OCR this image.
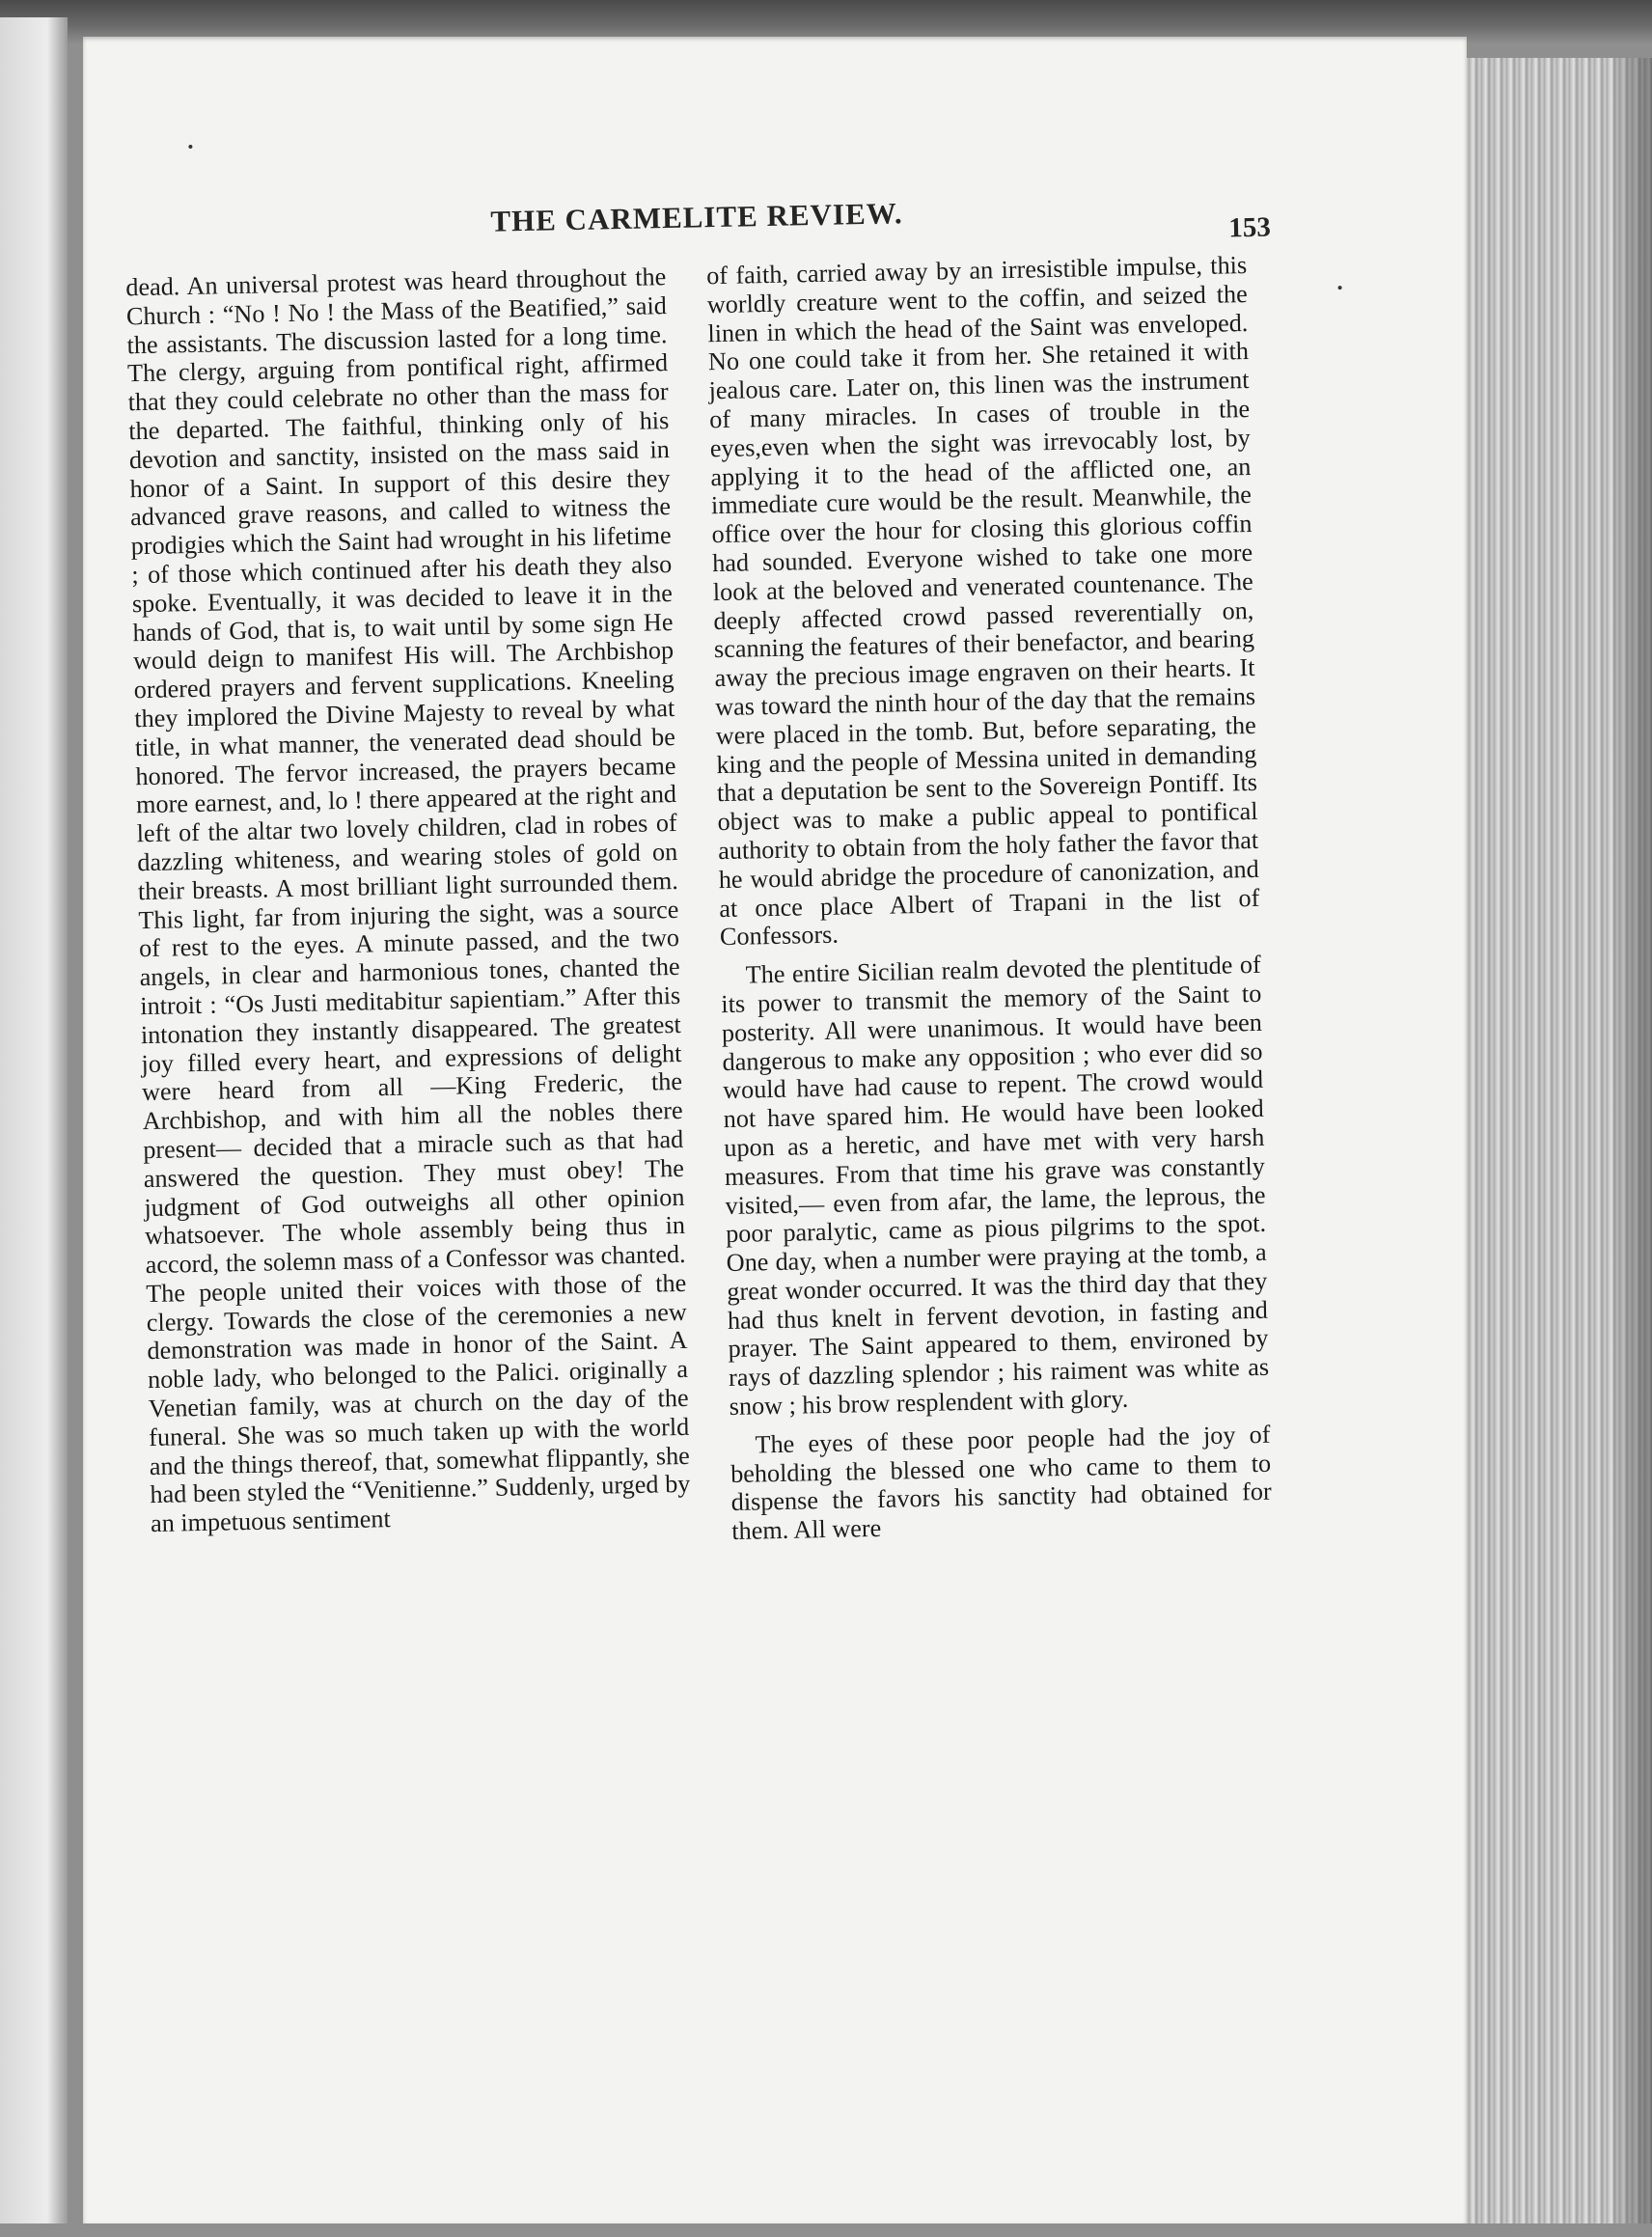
THE CARMELITE REVIEW.	153

dead. An universal protest was heard throughout the Church : “No ! No ! the Mass of the Beatified,” said the assistants. The discussion lasted for a long time. The clergy, arguing from pontifical right, affirmed that they could celebrate no other than the mass for the departed. The faithful, thinking only of his devotion and sanctity, insisted on the mass said in honor of a Saint. In support of this desire they advanced grave reasons, and called to witness the prodigies which the Saint had wrought in his lifetime ; of those which continued after his death they also spoke. Eventually, it was decided to leave it in the hands of God, that is, to wait until by some sign He would deign to manifest His will. The Archbishop ordered prayers and fervent supplications. Kneeling they implored the Divine Majesty to reveal by what title, in what manner, the venerated dead should be honored. The fervor increased, the prayers became more earnest, and, lo ! there appeared at the right and left of the altar two lovely children, clad in robes of dazzling whiteness, and wearing stoles of gold on their breasts. A most brilliant light surrounded them. This light, far from injuring the sight, was a source of rest to the eyes. A minute passed, and the two angels, in clear and harmonious tones, chanted the introit : “Os Justi meditabitur sapientiam.” After this intonation they instantly disappeared. The greatest joy filled every heart, and expressions of delight were heard from all —King Frederic, the Archbishop, and with him all the nobles there present— decided that a miracle such as that had answered the question. They must obey! The judgment of God outweighs all other opinion whatsoever. The whole assembly being thus in accord, the solemn mass of a Confessor was chanted. The people united their voices with those of the clergy. Towards the close of the ceremonies a new demonstration was made in honor of the Saint. A noble lady, who belonged to the Palici. originally a Venetian family, was at church on the day of the funeral. She was so much taken up with the world and the things thereof, that, somewhat flippantly, she had been styled the “Venitienne.” Suddenly, urged by an impetuous sentiment

of faith, carried away by an irresistible impulse, this worldly creature went to the coffin, and seized the linen in which the head of the Saint was enveloped. No one could take it from her. She retained it with jealous care. Later on, this linen was the instrument of many miracles. In cases of trouble in the eyes,even when the sight was irrevocably lost, by applying it to the head of the afflicted one, an immediate cure would be the result. Meanwhile, the office over the hour for closing this glorious coffin had sounded. Everyone wished to take one more look at the beloved and venerated countenance. The deeply affected crowd passed reverentially on, scanning the features of their benefactor, and bearing away the precious image engraven on their hearts. It was toward the ninth hour of the day that the remains were placed in the tomb. But, before separating, the king and the people of Messina united in demanding that a deputation be sent to the Sovereign Pontiff. Its object was to make a public appeal to pontifical authority to obtain from the holy father the favor that he would abridge the procedure of canonization, and at once place Albert of Trapani in the list of Confessors.

The entire Sicilian realm devoted the plentitude of its power to transmit the memory of the Saint to posterity. All were unanimous. It would have been dangerous to make any opposition ; who ever did so would have had cause to repent. The crowd would not have spared him. He would have been looked upon as a heretic, and have met with very harsh measures. From that time his grave was constantly visited,— even from afar, the lame, the leprous, the poor paralytic, came as pious pilgrims to the spot. One day, when a number were praying at the tomb, a great wonder occurred. It was the third day that they had thus knelt in fervent devotion, in fasting and prayer. The Saint appeared to them, environed by rays of dazzling splendor ; his raiment was white as snow ; his brow resplendent with glory.

The eyes of these poor people had the joy of beholding the blessed one who came to them to dispense the favors his sanctity had obtained for them. All were
